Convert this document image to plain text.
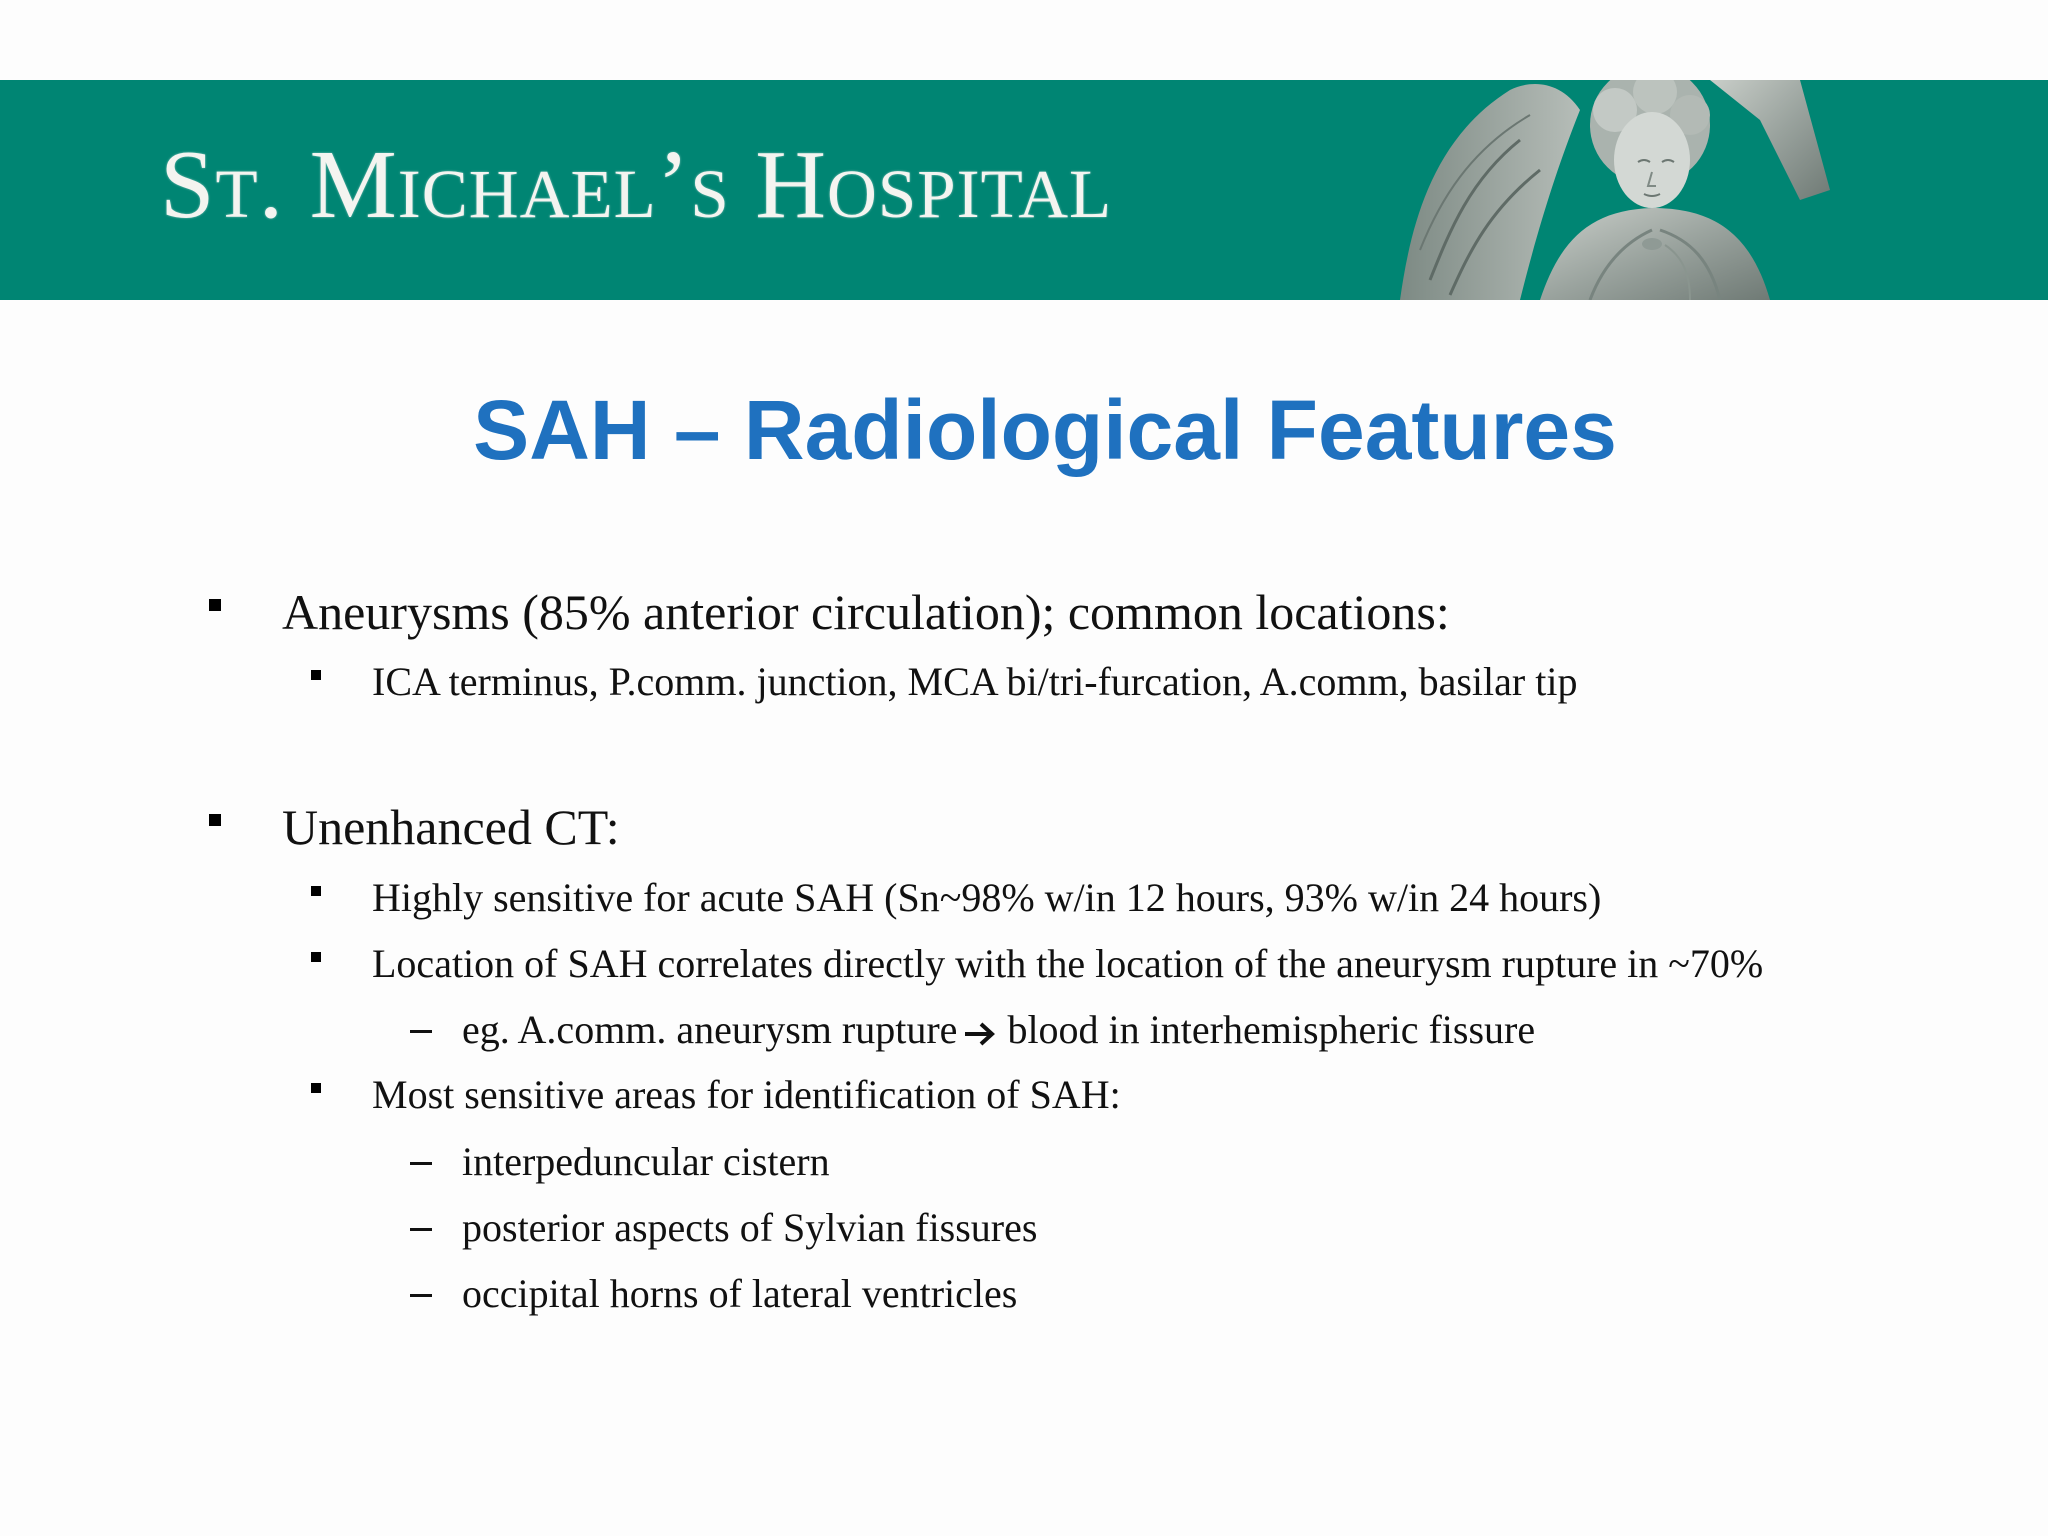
St. Michael’s Hospital
SAH – Radiological Features
Aneurysms (85% anterior circulation); common locations:
ICA terminus, P.comm. junction, MCA bi/tri-furcation, A.comm, basilar tip
Unenhanced CT:
Highly sensitive for acute SAH (Sn~98% w/in 12 hours, 93% w/in 24 hours)
Location of SAH correlates directly with the location of the aneurysm rupture in ~70%
eg. A.comm. aneurysm rupture blood in interhemispheric fissure
Most sensitive areas for identification of SAH:
interpeduncular cistern
posterior aspects of Sylvian fissures
occipital horns of lateral ventricles
